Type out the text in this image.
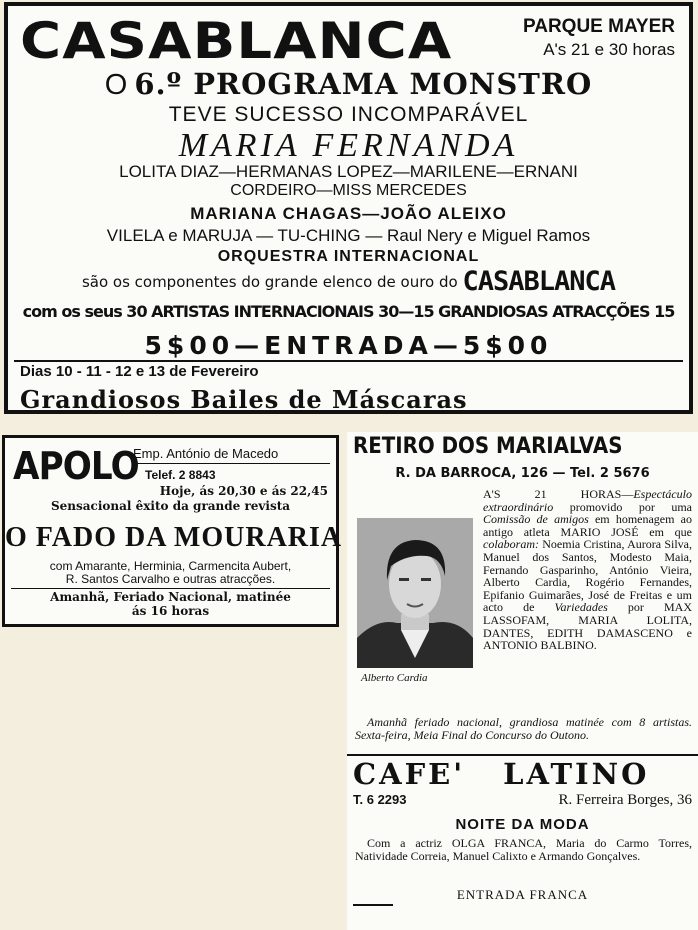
CASABLANCA	PARQUE MAYER
A's 21 e 30 horas
O 6.º PROGRAMA MONSTRO
TEVE SUCESSO INCOMPARÁVEL
MARIA FERNANDA
LOLITA DIAZ—HERMANAS LOPEZ—MARILENE—ERNANI
CORDEIRO—MISS MERCEDES
MARIANA CHAGAS—JOÃO ALEIXO
VILELA e MARUJA — TU-CHING — Raul Nery e Miguel Ramos
ORQUESTRA INTERNACIONAL
são os componentes do grande elenco de ouro do CASABLANCA
com os seus 30 ARTISTAS INTERNACIONAIS 30—15 GRANDIOSAS ATRACÇÕES 15
5$00—ENTRADA—5$00
Dias 10 - 11 - 12 e 13 de Fevereiro
Grandiosos Bailes de Máscaras
APOLO
Emp. António de Macedo
Telef. 2 8843
Hoje, ás 20,30 e ás 22,45
Sensacional êxito da grande revista
O FADO DA MOURARIA
com Amarante, Herminia, Carmencita Aubert,
R. Santos Carvalho e outras atracções.
Amanhã, Feriado Nacional, matinée
ás 16 horas
RETIRO DOS MARIALVAS
R. DA BARROCA, 126 — Tel. 2 5676
A'S 21 HORAS—Espectáculo extraordinário promovido por uma Comissão de amigos em homenagem ao antigo atleta MARIO JOSÉ em que colaboram: Noemia Cristina, Aurora Silva, Manuel dos Santos, Modesto Maia, Fernando Gasparinho, António Vieira, Alberto Cardia, Rogério Fernandes, Epifanio Guimarães, José de Freitas e um acto de Variedades por MAX LASSOFAM, MARIA LOLITA, DANTES, EDITH DAMASCENO e ANTONIO BALBINO.
Alberto Cardia
Amanhã feriado nacional, grandiosa matinée com 8 artistas. Sexta-feira, Meia Final do Concurso do Outono.
CAFE' LATINO
T. 6 2293	R. Ferreira Borges, 36
NOITE DA MODA
Com a actriz OLGA FRANCA, Maria do Carmo Torres, Natividade Correia, Manuel Calixto e Armando Gonçalves.
ENTRADA FRANCA
